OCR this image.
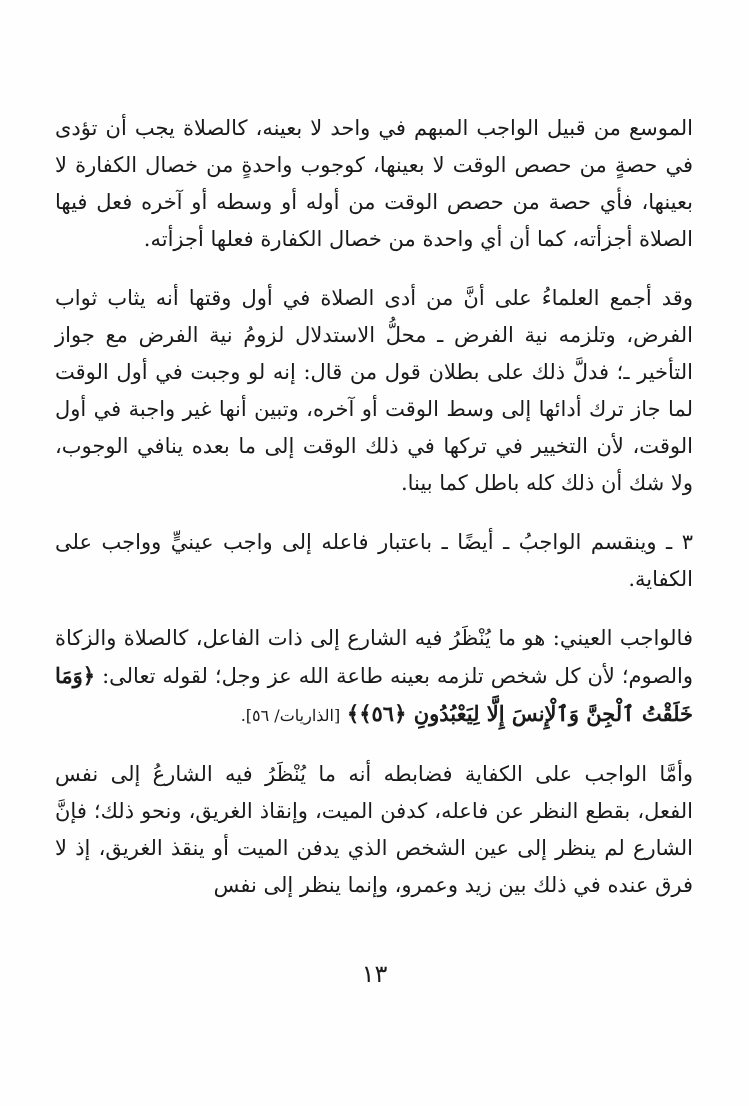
الموسع من قبيل الواجب المبهم في واحد لا بعينه، كالصلاة يجب أن تؤدى في حصةٍ من حصص الوقت لا بعينها، كوجوب واحدةٍ من خصال الكفارة لا بعينها، فأي حصة من حصص الوقت من أوله أو وسطه أو آخره فعل فيها الصلاة أجزأته، كما أن أي واحدة من خصال الكفارة فعلها أجزأته.

وقد أجمع العلماءُ على أنَّ من أدى الصلاة في أول وقتها أنه يثاب ثواب الفرض، وتلزمه نية الفرض ـ محلُّ الاستدلال لزومُ نية الفرض مع جواز التأخير ـ؛ فدلَّ ذلك على بطلان قول من قال: إنه لو وجبت في أول الوقت لما جاز ترك أدائها إلى وسط الوقت أو آخره، وتبين أنها غير واجبة في أول الوقت، لأن التخيير في تركها في ذلك الوقت إلى ما بعده ينافي الوجوب، ولا شك أن ذلك كله باطل كما بينا.

٣ ـ وينقسم الواجبُ ـ أيضًا ـ باعتبار فاعله إلى واجب عينيٍّ وواجب على الكفاية.

فالواجب العيني: هو ما يُنْظَرُ فيه الشارع إلى ذات الفاعل، كالصلاة والزكاة والصوم؛ لأن كل شخص تلزمه بعينه طاعة الله عز وجل؛ لقوله تعالى: ﴿وَمَا خَلَقْتُ ٱلْجِنَّ وَٱلْإِنسَ إِلَّا لِيَعْبُدُونِ ﴿٥٦﴾﴾ [الذاريات/ ٥٦].

وأمَّا الواجب على الكفاية فضابطه أنه ما يُنْظَرُ فيه الشارعُ إلى نفس الفعل، بقطع النظر عن فاعله، كدفن الميت، وإنقاذ الغريق، ونحو ذلك؛ فإنَّ الشارع لم ينظر إلى عين الشخص الذي يدفن الميت أو ينقذ الغريق، إذ لا فرق عنده في ذلك بين زيد وعمرو، وإنما ينظر إلى نفس

١٣
